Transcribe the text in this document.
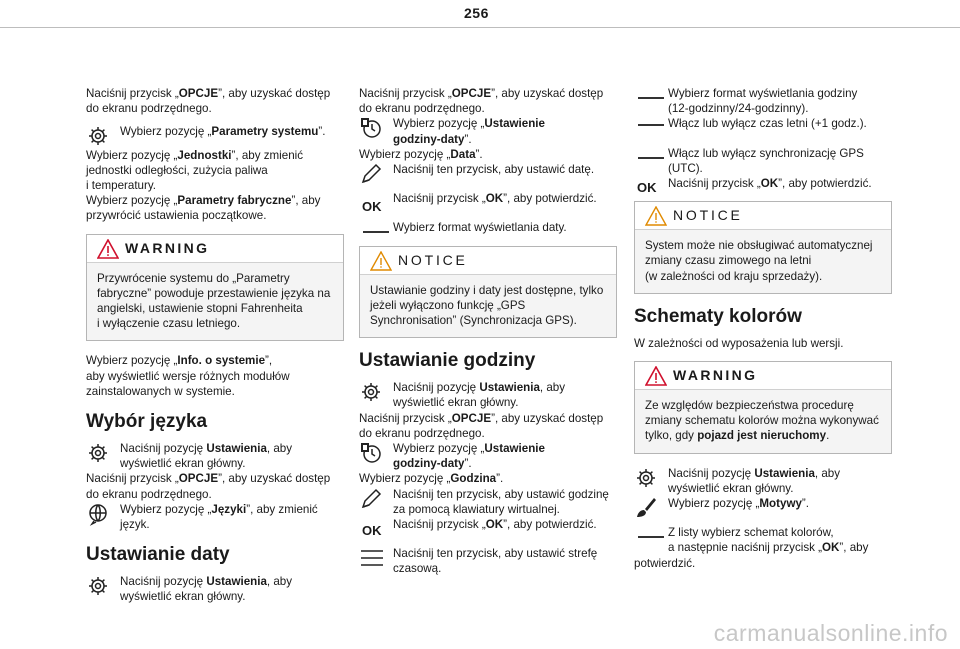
256
Naciśnij przycisk „OPCJE”, aby uzyskać dostęp
do ekranu podrzędnego.
Wybierz pozycję „Parametry systemu”.
Wybierz pozycję „Jednostki”, aby zmienić
jednostki odległości, zużycia paliwa
i temperatury.
Wybierz pozycję „Parametry fabryczne”, aby
przywrócić ustawienia początkowe.
WARNING
Przywrócenie systemu do „Parametry
fabryczne” powoduje przestawienie języka na
angielski, ustawienie stopni Fahrenheita
i wyłączenie czasu letniego.
Wybierz pozycję „Info. o systemie”,
aby wyświetlić wersje różnych modułów
zainstalowanych w systemie.
Wybór języka
Naciśnij pozycję Ustawienia, aby
wyświetlić ekran główny.
Naciśnij przycisk „OPCJE”, aby uzyskać dostęp
do ekranu podrzędnego.
Wybierz pozycję „Języki”, aby zmienić
język.
Ustawianie daty
Naciśnij pozycję Ustawienia, aby
wyświetlić ekran główny.
Naciśnij przycisk „OPCJE”, aby uzyskać dostęp
do ekranu podrzędnego.
Wybierz pozycję „Ustawienie
godziny-daty”.
Wybierz pozycję „Data”.
Naciśnij ten przycisk, aby ustawić datę.
OK
Naciśnij przycisk „OK”, aby potwierdzić.
Wybierz format wyświetlania daty.
NOTICE
Ustawianie godziny i daty jest dostępne, tylko
jeżeli wyłączono funkcję „GPS
Synchronisation” (Synchronizacja GPS).
Ustawianie godziny
Naciśnij pozycję Ustawienia, aby
wyświetlić ekran główny.
Naciśnij przycisk „OPCJE”, aby uzyskać dostęp
do ekranu podrzędnego.
Wybierz pozycję „Ustawienie
godziny-daty”.
Wybierz pozycję „Godzina”.
Naciśnij ten przycisk, aby ustawić godzinę
za pomocą klawiatury wirtualnej.
OK Naciśnij przycisk „OK”, aby potwierdzić.
Naciśnij ten przycisk, aby ustawić strefę
czasową.
Wybierz format wyświetlania godziny
(12-godzinny/24-godzinny).
Włącz lub wyłącz czas letni (+1 godz.).
Włącz lub wyłącz synchronizację GPS
(UTC).
OK Naciśnij przycisk „OK”, aby potwierdzić.
NOTICE
System może nie obsługiwać automatycznej
zmiany czasu zimowego na letni
(w zależności od kraju sprzedaży).
Schematy kolorów
W zależności od wyposażenia lub wersji.
WARNING
Ze względów bezpieczeństwa procedurę
zmiany schematu kolorów można wykonywać
tylko, gdy pojazd jest nieruchomy.
Naciśnij pozycję Ustawienia, aby
wyświetlić ekran główny.
Wybierz pozycję „Motywy”.
Z listy wybierz schemat kolorów,
a następnie naciśnij przycisk „OK”, aby
potwierdzić.
carmanualsonline.info
